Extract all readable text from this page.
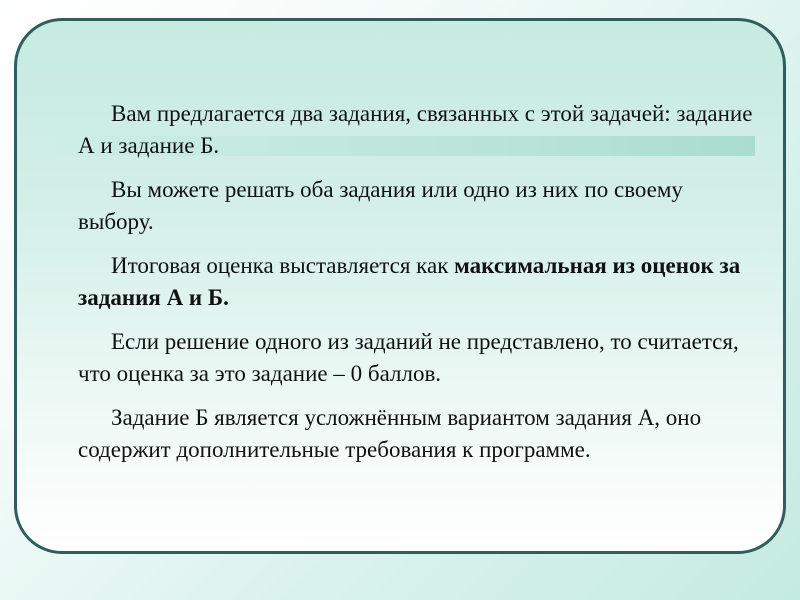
Вам предлагается два задания, связанных с этой задачей: задание А и задание Б.

Вы можете решать оба задания или одно из них по своему выбору.

Итоговая оценка выставляется как максимальная из оценок за задания А и Б.

Если решение одного из заданий не представлено, то считается, что оценка за это задание – 0 баллов.

Задание Б является усложнённым вариантом задания А, оно содержит дополнительные требования к программе.
